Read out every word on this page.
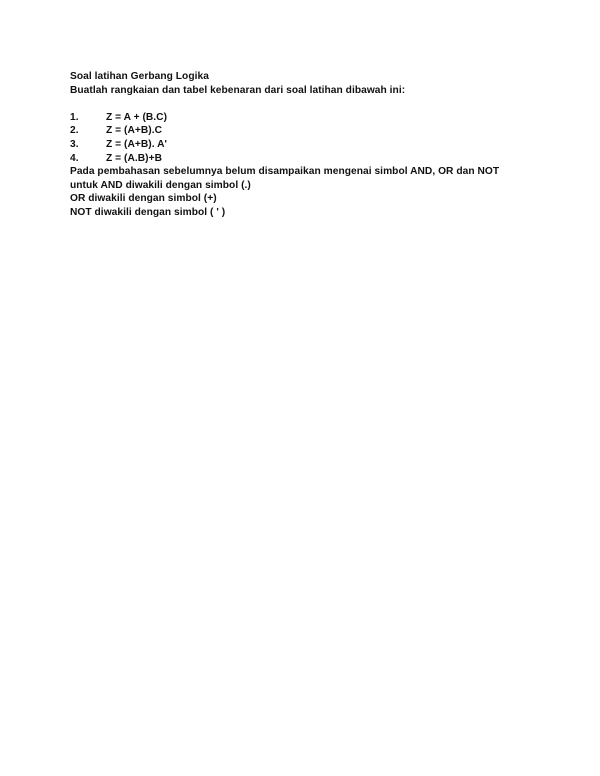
Soal latihan Gerbang Logika

Buatlah rangkaian dan tabel kebenaran dari soal latihan dibawah ini:

1.	Z = A + (B.C)
2.	Z = (A+B).C
3.	Z = (A+B). A'
4.	Z = (A.B)+B

Pada pembahasan sebelumnya belum disampaikan mengenai simbol AND, OR dan NOT

untuk AND diwakili dengan simbol (.)

OR diwakili dengan simbol (+)

NOT diwakili dengan simbol ( ' )
